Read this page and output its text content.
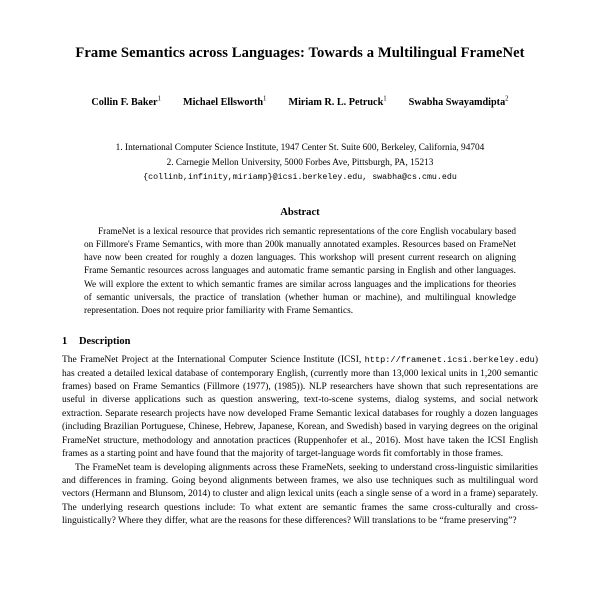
Frame Semantics across Languages: Towards a Multilingual FrameNet
Collin F. Baker$^1$ Michael Ellsworth$^1$ Miriam R. L. Petruck$^1$ Swabha Swayamdipta$^2$
1. International Computer Science Institute, 1947 Center St. Suite 600, Berkeley, California, 94704
2. Carnegie Mellon University, 5000 Forbes Ave, Pittsburgh, PA, 15213
{collinb,infinity,miriamp}@icsi.berkeley.edu, swabha@cs.cmu.edu
Abstract
FrameNet is a lexical resource that provides rich semantic representations of the core English vocabulary based on Fillmore's Frame Semantics, with more than 200k manually annotated examples. Resources based on FrameNet have now been created for roughly a dozen languages. This workshop will present current research on aligning Frame Semantic resources across languages and automatic frame semantic parsing in English and other languages. We will explore the extent to which semantic frames are similar across languages and the implications for theories of semantic universals, the practice of translation (whether human or machine), and multilingual knowledge representation. Does not require prior familiarity with Frame Semantics.
1 Description

The FrameNet Project at the International Computer Science Institute (ICSI, http://framenet.icsi.berkeley.edu) has created a detailed lexical database of contemporary English, (currently more than 13,000 lexical units in 1,200 semantic frames) based on Frame Semantics (Fillmore (1977), (1985)). NLP researchers have shown that such representations are useful in diverse applications such as question answering, text-to-scene systems, dialog systems, and social network extraction. Separate research projects have now developed Frame Semantic lexical databases for roughly a dozen languages (including Brazilian Portuguese, Chinese, Hebrew, Japanese, Korean, and Swedish) based in varying degrees on the original FrameNet structure, methodology and annotation practices (Ruppenhofer et al., 2016). Most have taken the ICSI English frames as a starting point and have found that the majority of target-language words fit comfortably in those frames.

The FrameNet team is developing alignments across these FrameNets, seeking to understand cross-linguistic similarities and differences in framing. Going beyond alignments between frames, we also use techniques such as multilingual word vectors (Hermann and Blunsom, 2014) to cluster and align lexical units (each a single sense of a word in a frame) separately. The underlying research questions include: To what extent are semantic frames the same cross-culturally and cross-linguistically? Where they differ, what are the reasons for these differences? Will translations to be “frame preserving”?
